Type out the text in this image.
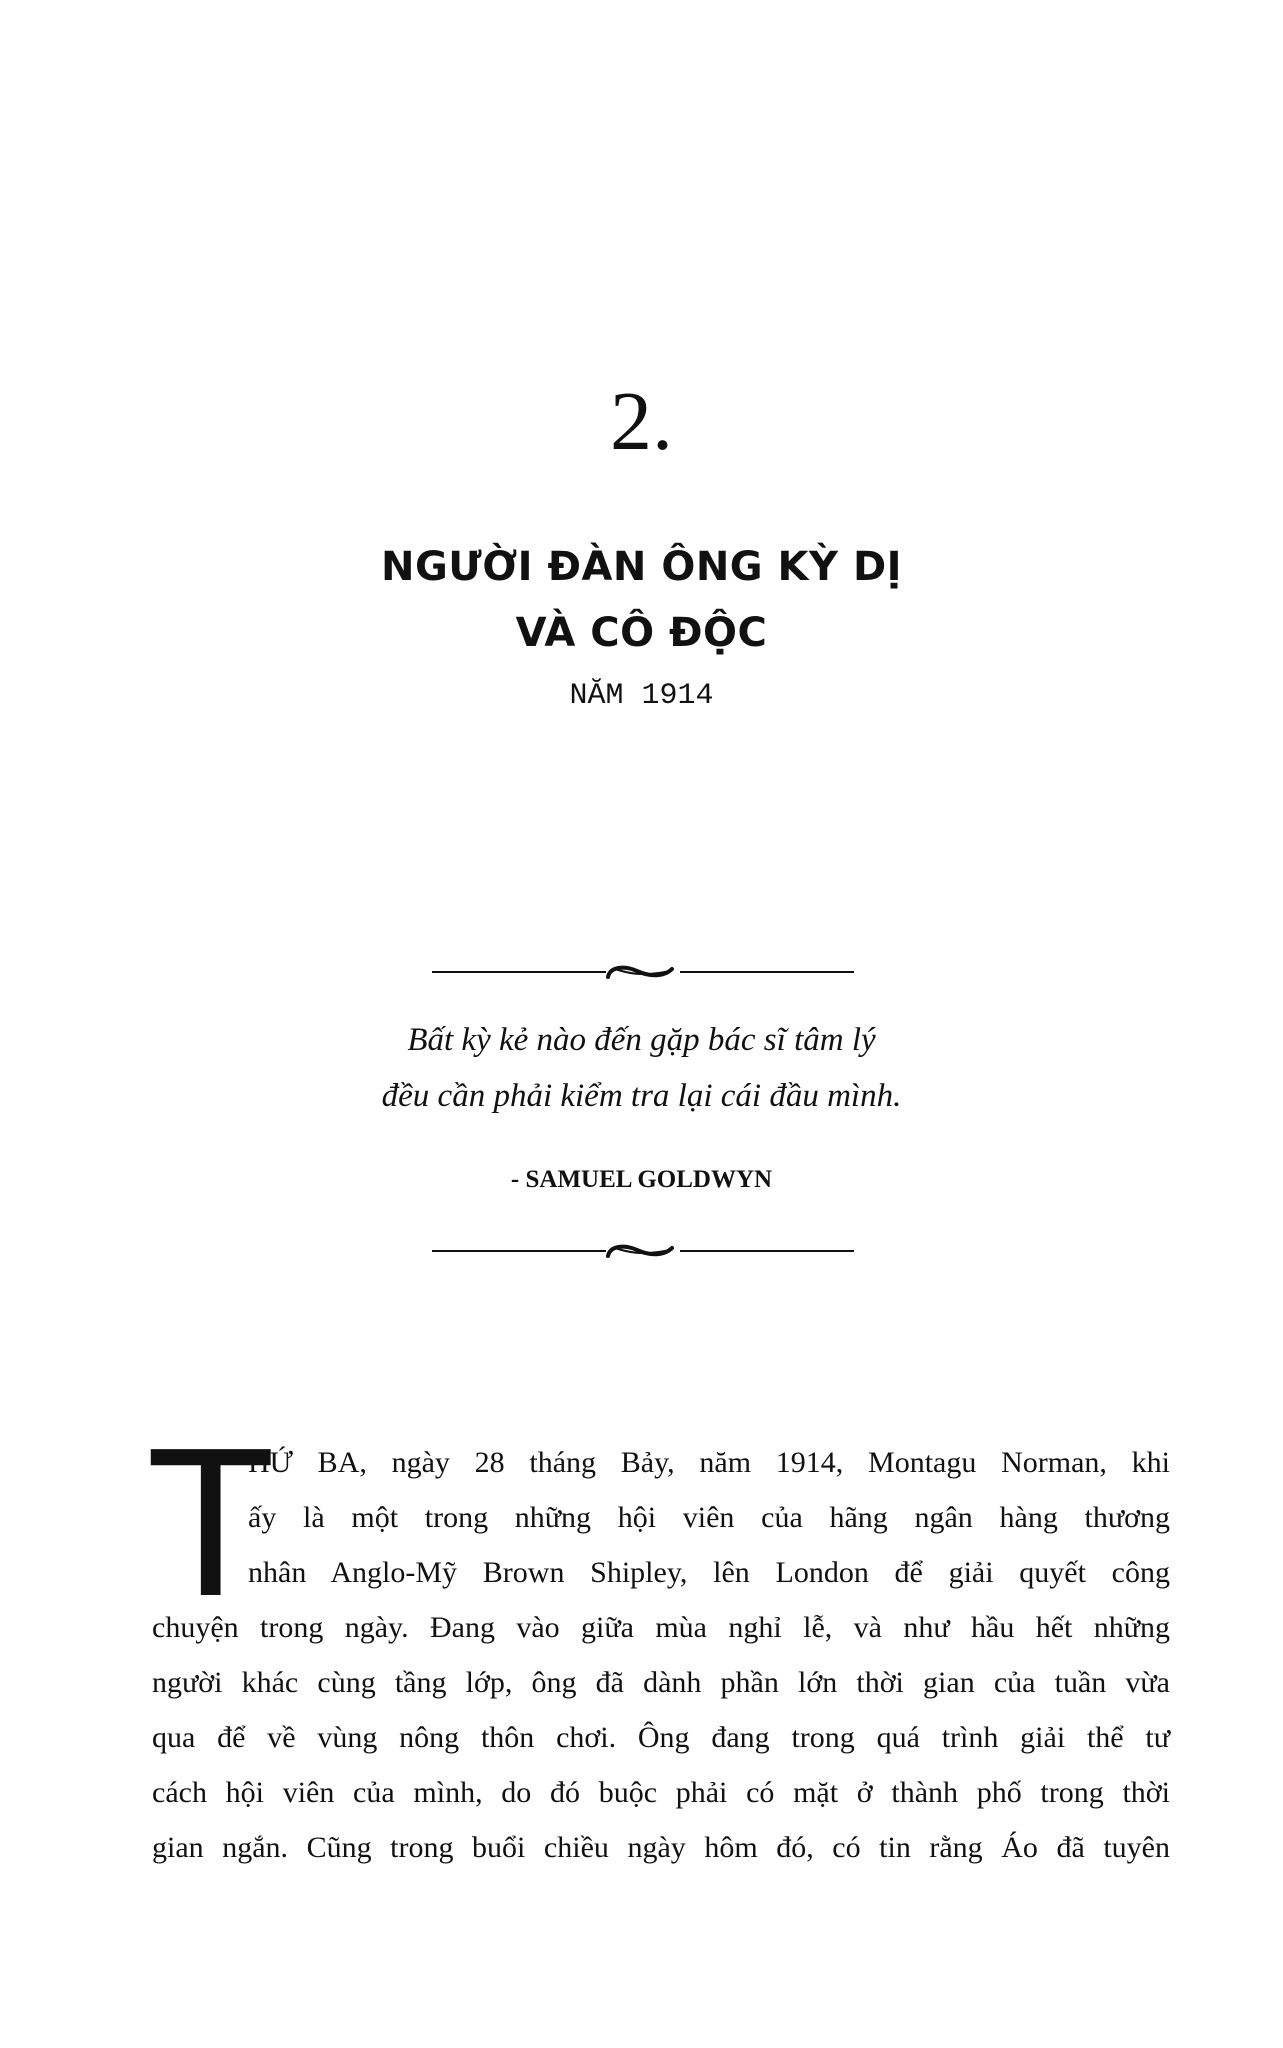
2.
NGƯỜI ĐÀN ÔNG KỲ DỊ
VÀ CÔ ĐỘC
NĂM 1914
Bất kỳ kẻ nào đến gặp bác sĩ tâm lý
đều cần phải kiểm tra lại cái đầu mình.
- SAMUEL GOLDWYN
T
HỨ BA, ngày 28 tháng Bảy, năm 1914, Montagu Norman, khi
ấy là một trong những hội viên của hãng ngân hàng thương
nhân Anglo-Mỹ Brown Shipley, lên London để giải quyết công
chuyện trong ngày. Đang vào giữa mùa nghỉ lễ, và như hầu hết những
người khác cùng tầng lớp, ông đã dành phần lớn thời gian của tuần vừa
qua để về vùng nông thôn chơi. Ông đang trong quá trình giải thể tư
cách hội viên của mình, do đó buộc phải có mặt ở thành phố trong thời
gian ngắn. Cũng trong buổi chiều ngày hôm đó, có tin rằng Áo đã tuyên
